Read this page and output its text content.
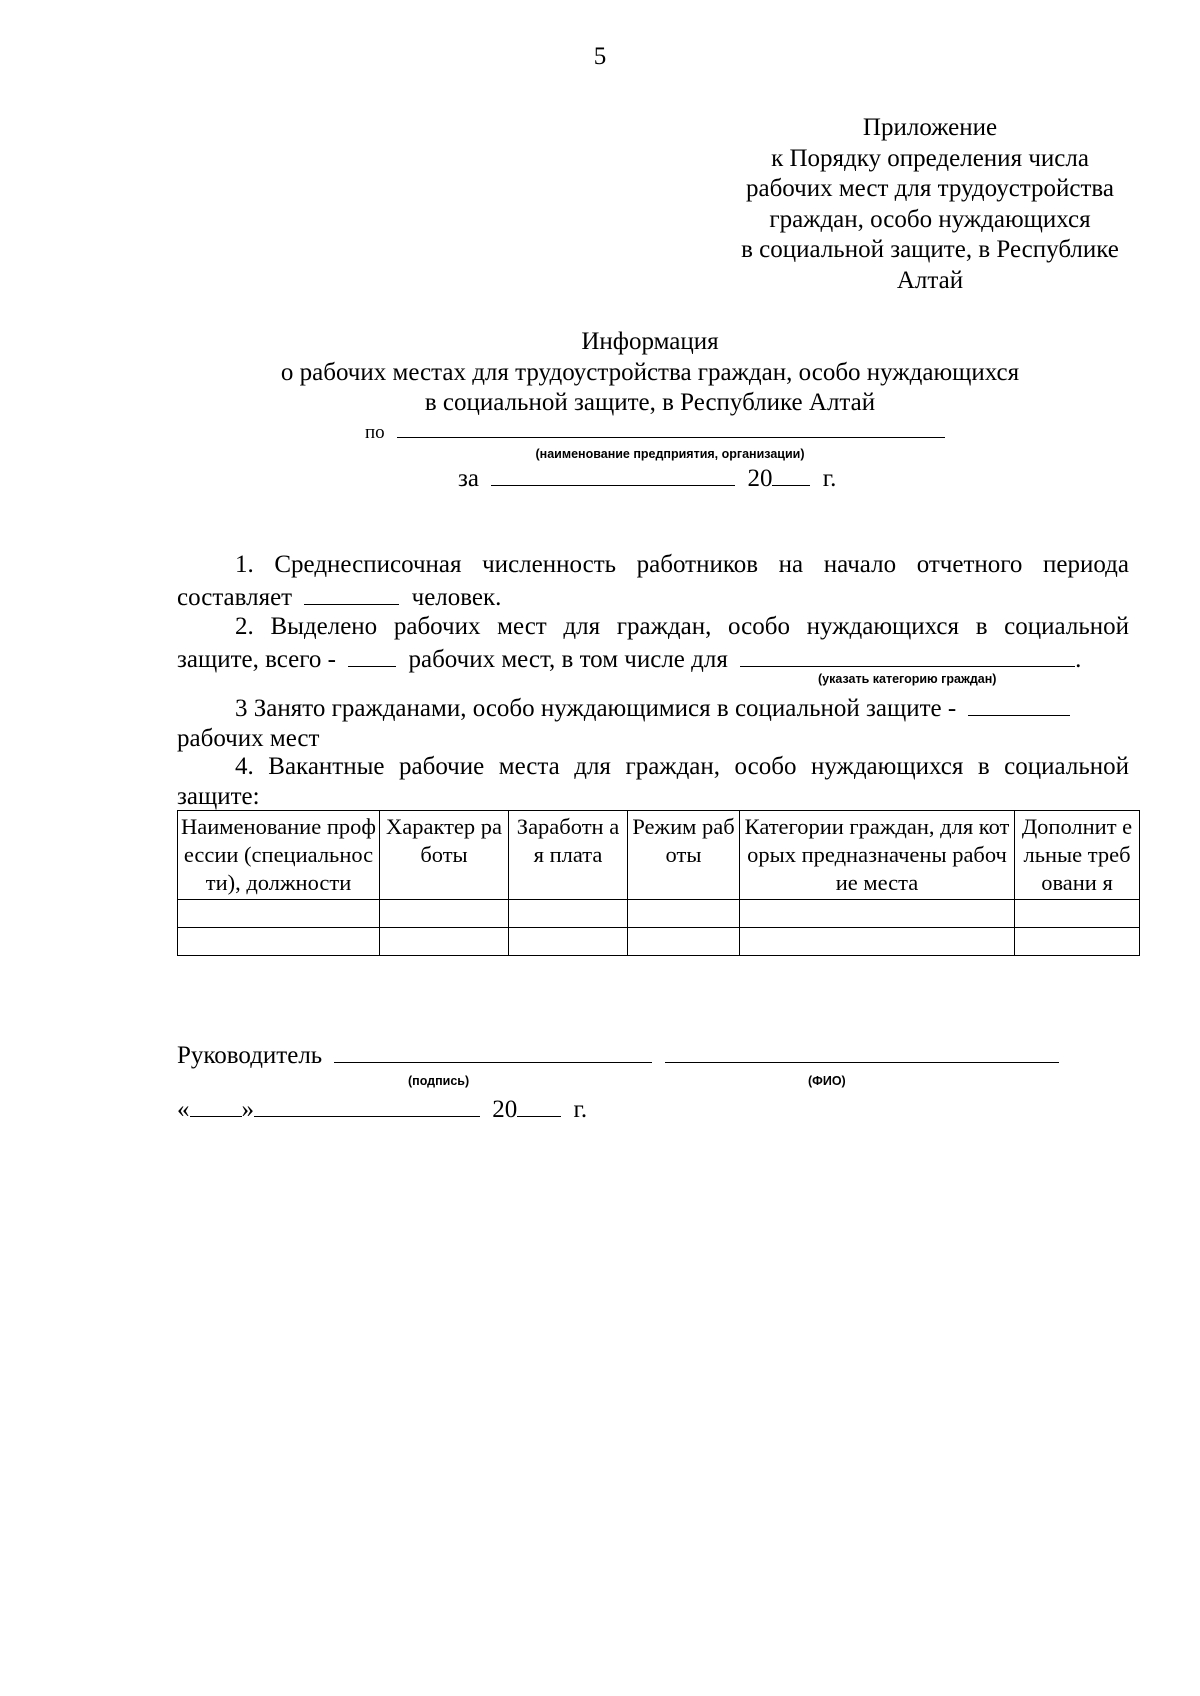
5
Приложение
к Порядку определения числа
рабочих мест для трудоустройства
граждан, особо нуждающихся
в социальной защите, в Республике
Алтай
Информация
о рабочих местах для трудоустройства граждан, особо нуждающихся
в социальной защите, в Республике Алтай
по
(наименование предприятия, организации)
за	20 г.
1. Среднесписочная численность работников на начало отчетного периода
составляет	человек.
2. Выделено рабочих мест для граждан, особо нуждающихся в социальной
защите, всего -	рабочих мест, в том числе для	.
(указать категорию граждан)
3 Занято гражданами, особо нуждающимися в социальной защите -
рабочих мест
4. Вакантные рабочие места для граждан, особо нуждающихся в социальной
защите:
Наименование профессии (специальности), должности	Характер работы	Заработн ая плата	Режим работы	Категории граждан, для которых предназначены рабочие места	Дополнит ельные требовани я

Руководитель
(подпись)	(ФИО)
« »	20 г.
